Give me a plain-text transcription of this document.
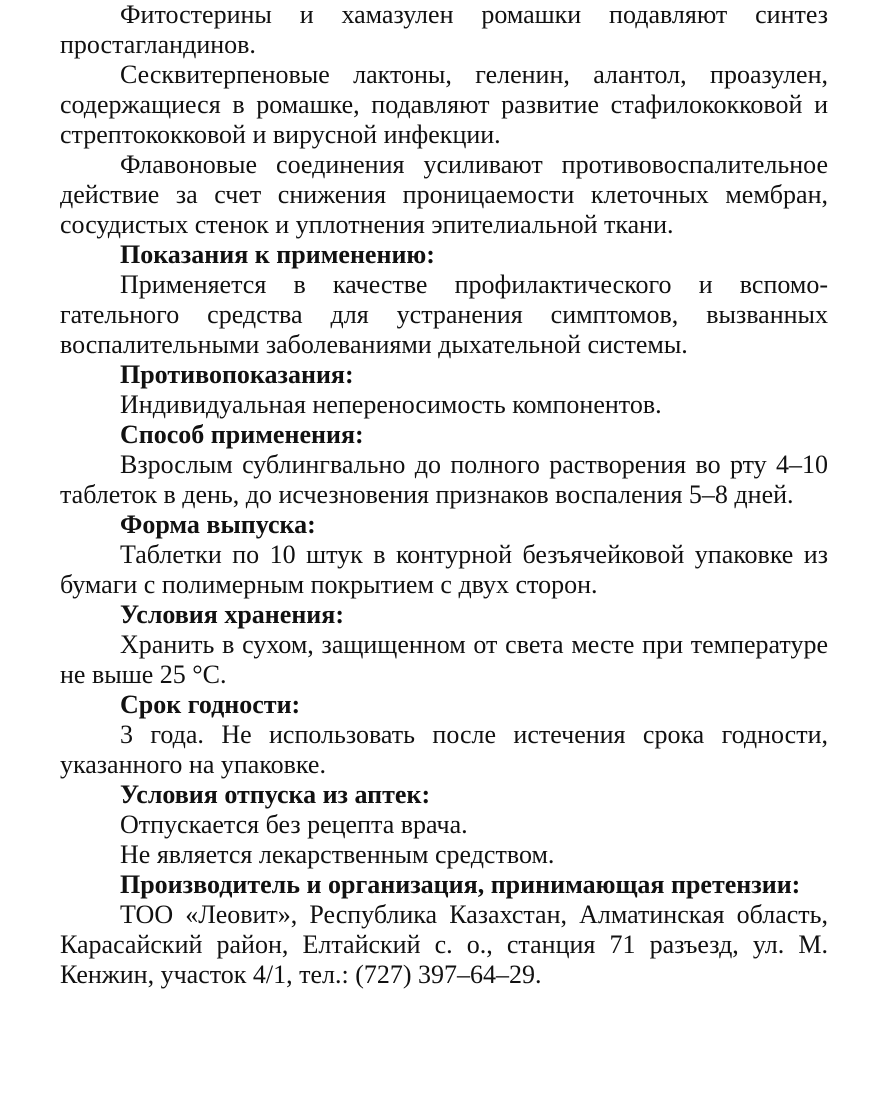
Фитостерины и хамазулен ромашки подавляют синтез простагландинов.

Сесквитерпеновые лактоны, геленин, алантол, проазулен, содержащиеся в ромашке, подавляют развитие стафилококковой и стрептококковой и вирусной инфекции.

Флавоновые соединения усиливают противовоспалительное действие за счет снижения проницаемости клеточных мембран, сосудистых стенок и уплотнения эпителиальной ткани.

Показания к применению:

Применяется в качестве профилактического и вспомогательного средства для устранения симптомов, вызванных воспалительными заболеваниями дыхательной системы.

Противопоказания:

Индивидуальная непереносимость компонентов.

Способ применения:

Взрослым сублингвально до полного растворения во рту 4–10 таблеток в день, до исчезновения признаков воспаления 5–8 дней.

Форма выпуска:

Таблетки по 10 штук в контурной безъячейковой упаковке из бумаги с полимерным покрытием с двух сторон.

Условия хранения:

Хранить в сухом, защищенном от света месте при температуре не выше 25 °С.

Срок годности:

3 года. Не использовать после истечения срока годности, указанного на упаковке.

Условия отпуска из аптек:

Отпускается без рецепта врача.

Не является лекарственным средством.

Производитель и организация, принимающая претензии:

ТОО «Леовит», Республика Казахстан, Алматинская область, Карасайский район, Елтайский с. о., станция 71 разъезд, ул. М. Кенжин, участок 4/1, тел.: (727) 397–64–29.
